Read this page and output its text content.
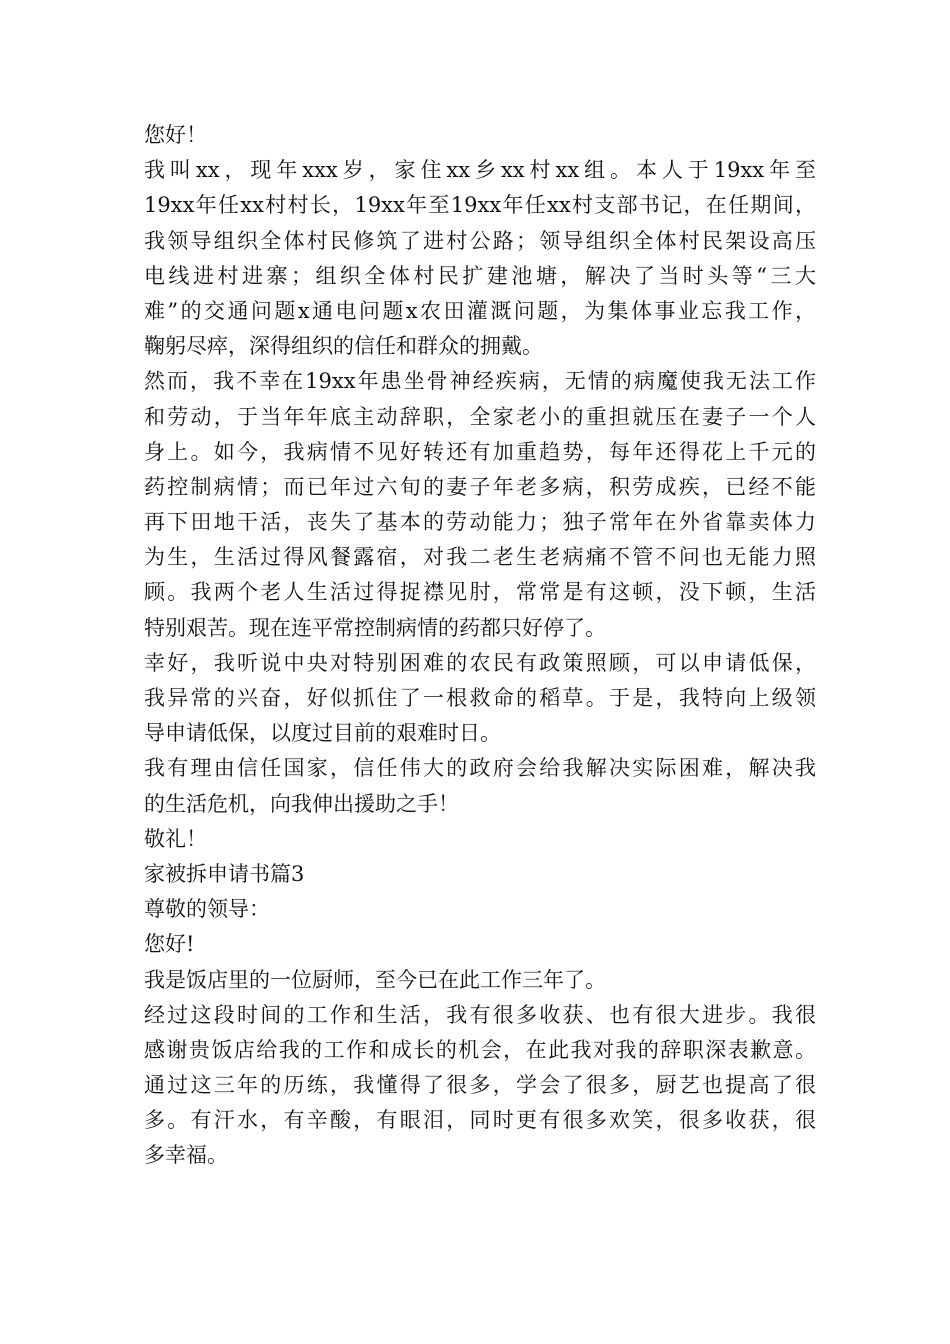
您好！
我叫xx，现年xxx岁，家住xx乡xx村xx组。本人于19xx年至
19xx年任xx村村长，19xx年至19xx年任xx村支部书记，在任期间，
我领导组织全体村民修筑了进村公路；领导组织全体村民架设高压
电线进村进寨；组织全体村民扩建池塘，解决了当时头等“三大
难”的交通问题x通电问题x农田灌溉问题，为集体事业忘我工作，
鞠躬尽瘁，深得组织的信任和群众的拥戴。
然而，我不幸在19xx年患坐骨神经疾病，无情的病魔使我无法工作
和劳动，于当年年底主动辞职，全家老小的重担就压在妻子一个人
身上。如今，我病情不见好转还有加重趋势，每年还得花上千元的
药控制病情；而已年过六旬的妻子年老多病，积劳成疾，已经不能
再下田地干活，丧失了基本的劳动能力；独子常年在外省靠卖体力
为生，生活过得风餐露宿，对我二老生老病痛不管不问也无能力照
顾。我两个老人生活过得捉襟见肘，常常是有这顿，没下顿，生活
特别艰苦。现在连平常控制病情的药都只好停了。
幸好，我听说中央对特别困难的农民有政策照顾，可以申请低保，
我异常的兴奋，好似抓住了一根救命的稻草。于是，我特向上级领
导申请低保，以度过目前的艰难时日。
我有理由信任国家，信任伟大的政府会给我解决实际困难，解决我
的生活危机，向我伸出援助之手！
敬礼！
家被拆申请书篇3
尊敬的领导：
您好!
我是饭店里的一位厨师，至今已在此工作三年了。
经过这段时间的工作和生活，我有很多收获、也有很大进步。我很
感谢贵饭店给我的工作和成长的机会，在此我对我的辞职深表歉意。
通过这三年的历练，我懂得了很多，学会了很多，厨艺也提高了很
多。有汗水，有辛酸，有眼泪，同时更有很多欢笑，很多收获，很
多幸福。
